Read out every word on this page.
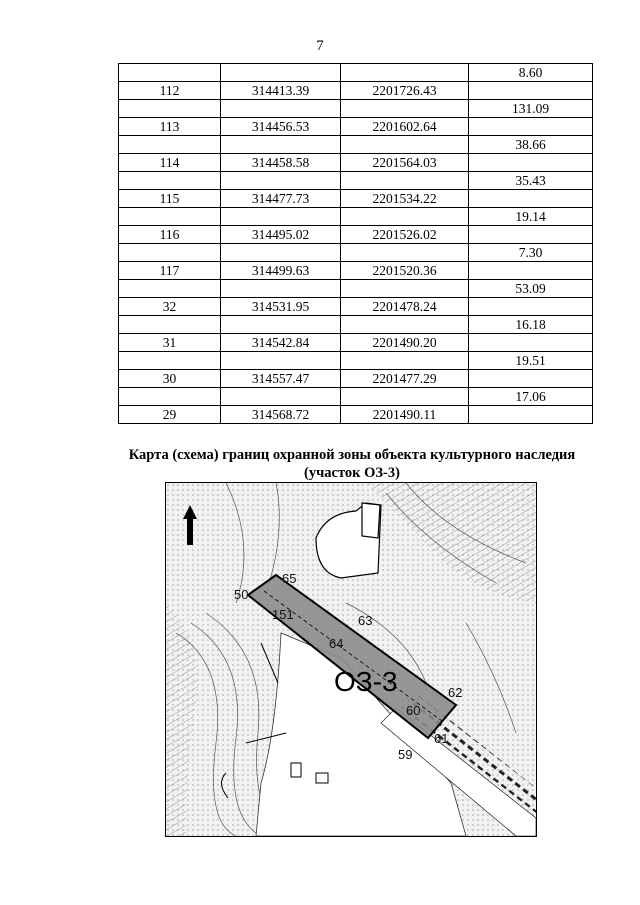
7
			8.60
112	314413.39	2201726.43	
			131.09
113	314456.53	2201602.64	
			38.66
114	314458.58	2201564.03	
			35.43
115	314477.73	2201534.22	
			19.14
116	314495.02	2201526.02	
			7.30
117	314499.63	2201520.36	
			53.09
32	314531.95	2201478.24	
			16.18
31	314542.84	2201490.20	
			19.51
30	314557.47	2201477.29	
			17.06
29	314568.72	2201490.11	
Карта (схема) границ охранной зоны объекта культурного наследия
(участок ОЗ-3)
ОЗ-3
50
65
151	63
64
62
60
61
59
